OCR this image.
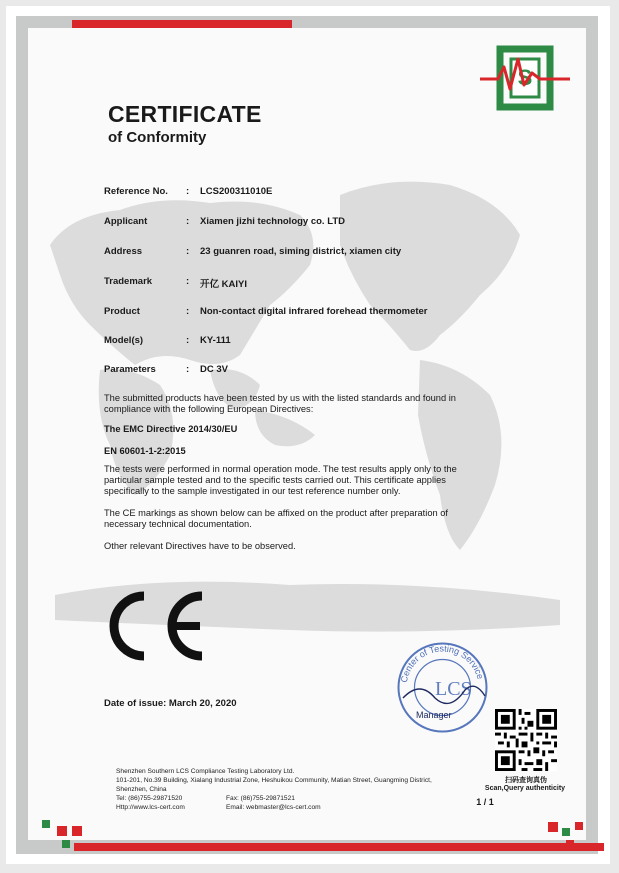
S
CERTIFICATE
of Conformity
Reference No. : LCS200311010E
Applicant	: Xiamen jizhi technology co. LTD
Address	: 23 guanren road, siming district, xiamen city
Trademark	: 开亿 KAIYI
Product	: Non-contact digital infrared forehead thermometer
Model(s)	: KY-111
Parameters	: DC 3V
The submitted products have been tested by us with the listed standards and found in compliance with the following European Directives:
The EMC Directive 2014/30/EU
EN 60601-1-2:2015
The tests were performed in normal operation mode. The test results apply only to the particular sample tested and to the specific tests carried out. This certificate applies specifically to the sample investigated in our test reference number only.
The CE markings as shown below can be affixed on the product after preparation of necessary technical documentation.
Other relevant Directives have to be observed.
Center of Testing Service
LCS
Manager
Date of issue: March 20, 2020
扫码查询真伪
Scan,Query authenticity
1 / 1
Shenzhen Southern LCS Compliance Testing Laboratory Ltd.
101-201, No.39 Building, Xialang Industrial Zone, Heshuikou Community, Matian Street, Guangming District,
Shenzhen, China
Tel: (86)755-29871520
Http://www.lcs-cert.com
Fax: (86)755-29871521
Email: webmaster@lcs-cert.com
